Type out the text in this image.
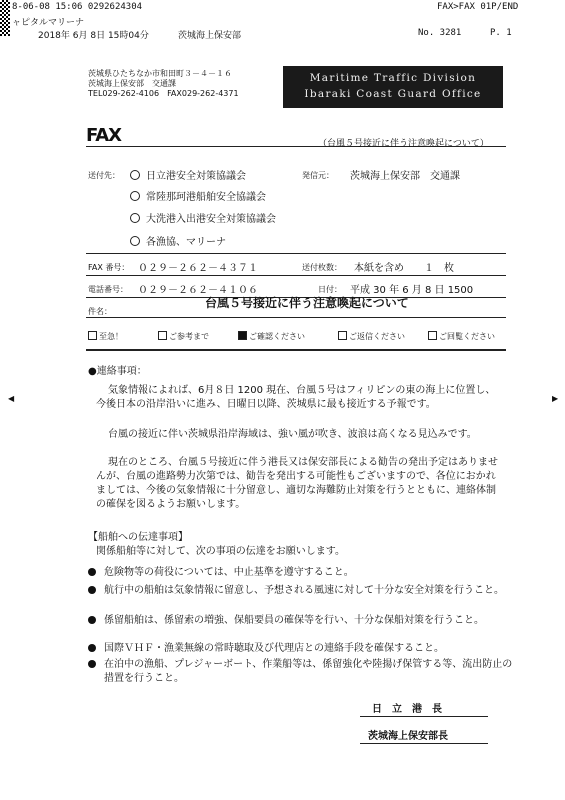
8-06-08 15:06 0292624304
ャピタルマリーナ
FAX>FAX 01P/END
2018年 6月 8日 15時04分	茨城海上保安部	No. 3281	P. 1
茨城県ひたちなか市和田町３－４－１６
茨城海上保安部　交通課
TEL029-262-4106　FAX029-262-4371
Maritime Traffic Division
Ibaraki Coast Guard Office
FAX	（台風５号接近に伴う注意喚起について）
送付先：	日立港安全対策協議会
常陸那珂港船舶安全協議会
大洗港入出港安全対策協議会
各漁協、マリーナ
発信元： 茨城海上保安部　交通課
FAX 番号： ０２９－２６２－４３７１	送付枚数： 本紙を含め　　１　枚
電話番号： ０２９－２６２－４１０６	日付： 平成 30 年 6 月 8 日 1500
件名：
台風５号接近に伴う注意喚起について
至急！	ご参考まで	ご確認ください	ご返信ください	ご回覧ください
◀	▶
●連絡事項：
気象情報によれば、6月８日 1200 現在、台風５号はフィリピンの東の海上に位置し、今後日本の沿岸沿いに進み、日曜日以降、茨城県に最も接近する予報です。
台風の接近に伴い茨城県沿岸海域は、強い風が吹き、波浪は高くなる見込みです。
現在のところ、台風５号接近に伴う港長又は保安部長による勧告の発出予定はありませんが、台風の進路勢力次第では、勧告を発出する可能性もございますので、各位におかれましては、今後の気象情報に十分留意し、適切な海難防止対策を行うとともに、連絡体制の確保を図るようお願いします。
【船舶への伝達事項】
関係船舶等に対して、次の事項の伝達をお願いします。
危険物等の荷役については、中止基準を遵守すること。
航行中の船舶は気象情報に留意し、予想される風速に対して十分な安全対策を行うこと。
係留船舶は、係留索の増強、保船要員の確保等を行い、十分な保船対策を行うこと。
国際ＶＨＦ・漁業無線の常時聴取及び代理店との連絡手段を確保すること。
在泊中の漁船、プレジャーボート、作業船等は、係留強化や陸揚げ保管する等、流出防止の措置を行うこと。
日　立　港　長
茨城海上保安部長
